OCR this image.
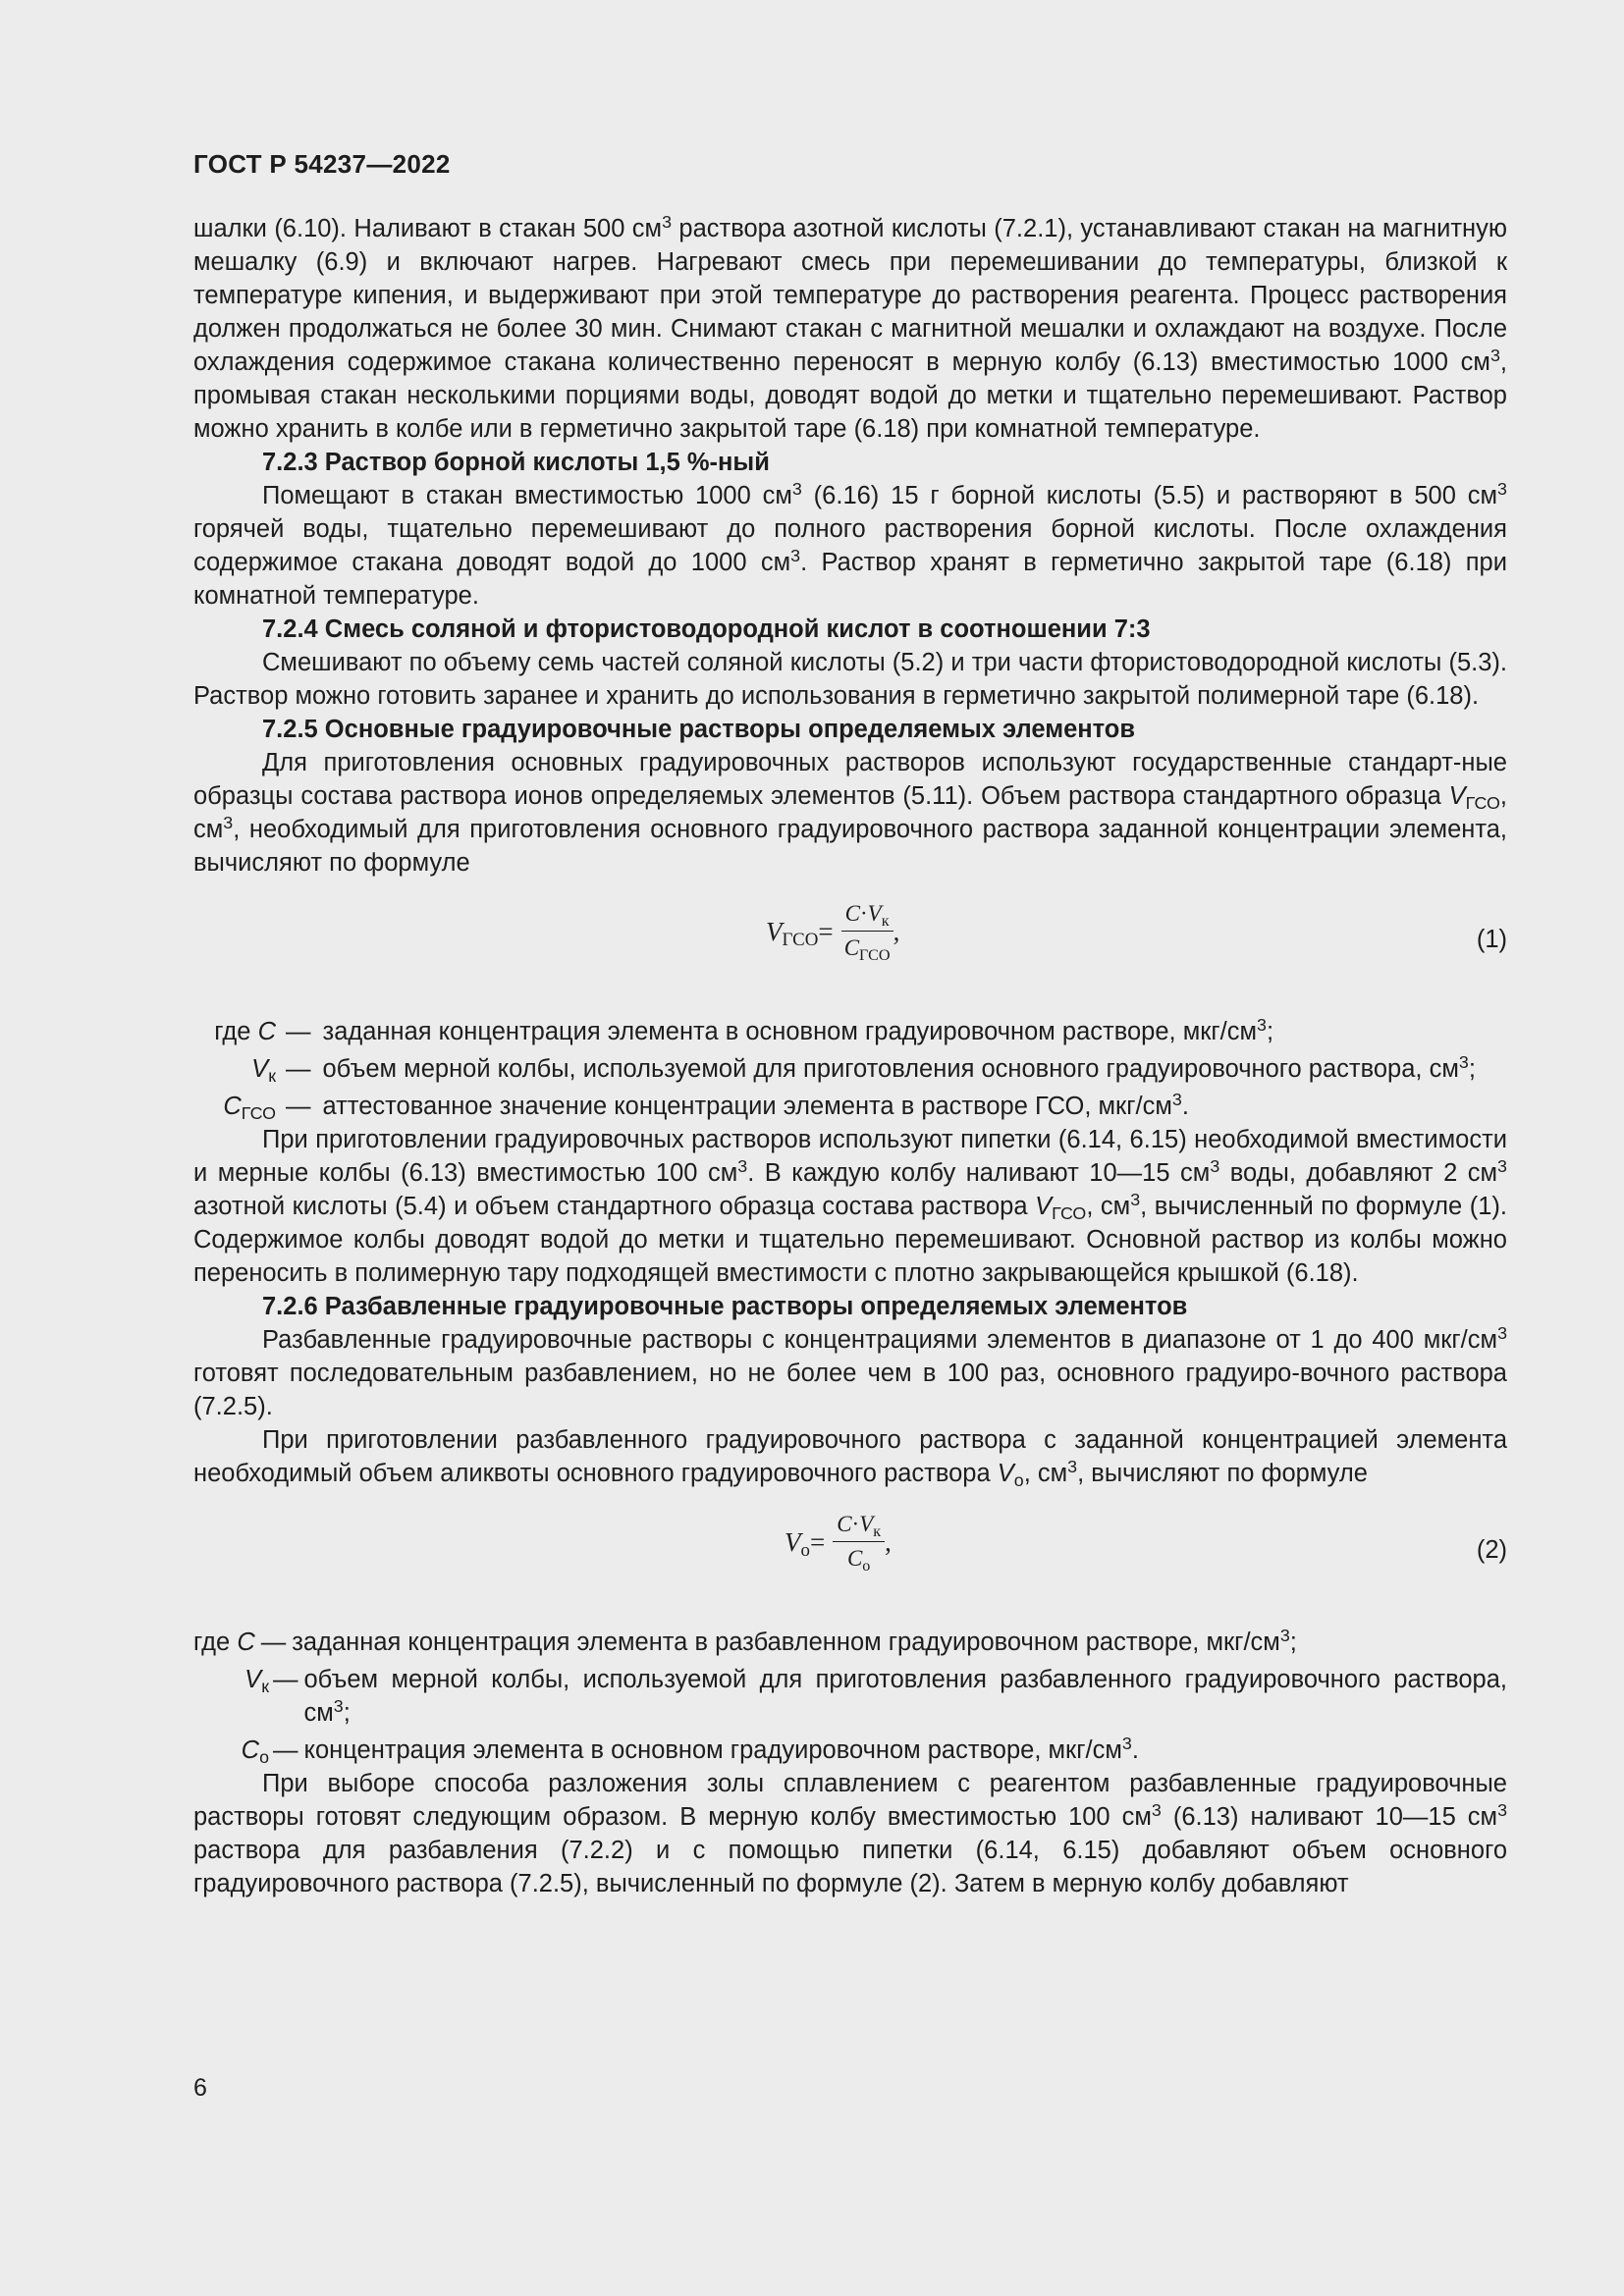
ГОСТ Р 54237—2022

шалки (6.10). Наливают в стакан 500 $см^3$ раствора азотной кислоты (7.2.1), устанавливают стакан на магнитную мешалку (6.9) и включают нагрев. Нагревают смесь при перемешивании до температуры, близкой к температуре кипения, и выдерживают при этой температуре до растворения реагента. Процесс растворения должен продолжаться не более 30 мин. Снимают стакан с магнитной мешалки и охлаждают на воздухе. После охлаждения содержимое стакана количественно переносят в мерную колбу (6.13) вместимостью 1000 $см^3$, промывая стакан несколькими порциями воды, доводят водой до метки и тщательно перемешивают. Раствор можно хранить в колбе или в герметично закрытой таре (6.18) при комнатной температуре.

7.2.3 Раствор борной кислоты 1,5 %-ный

Помещают в стакан вместимостью 1000 $см^3$ (6.16) 15 г борной кислоты (5.5) и растворяют в 500 $см^3$ горячей воды, тщательно перемешивают до полного растворения борной кислоты. После охлаждения содержимое стакана доводят водой до 1000 $см^3$. Раствор хранят в герметично закрытой таре (6.18) при комнатной температуре.

7.2.4 Смесь соляной и фтористоводородной кислот в соотношении 7:3

Смешивают по объему семь частей соляной кислоты (5.2) и три части фтористоводородной кислоты (5.3). Раствор можно готовить заранее и хранить до использования в герметично закрытой полимерной таре (6.18).

7.2.5 Основные градуировочные растворы определяемых элементов

Для приготовления основных градуировочных растворов используют государственные стандарт-ные образцы состава раствора ионов определяемых элементов (5.11). Объем раствора стандартного образца $V_{ГСО}$, $см^3$, необходимый для приготовления основного градуировочного раствора заданной концентрации элемента, вычисляют по формуле

$V_{ГСО} = \frac{C\cdot V_к}{C_{ГСО}}$ ,	(1)
где C — заданная концентрация элемента в основном градуировочном растворе, мкг/$см^3$;
$V_к$ — объем мерной колбы, используемой для приготовления основного градуировочного раствора, $см^3$;
$C_{ГСО}$ — аттестованное значение концентрации элемента в растворе ГСО, мкг/$см^3$.

При приготовлении градуировочных растворов используют пипетки (6.14, 6.15) необходимой вместимости и мерные колбы (6.13) вместимостью 100 $см^3$. В каждую колбу наливают 10—15 $см^3$ воды, добавляют 2 $см^3$ азотной кислоты (5.4) и объем стандартного образца состава раствора $V_{ГСО}$, $см^3$, вычисленный по формуле (1). Содержимое колбы доводят водой до метки и тщательно перемешивают. Основной раствор из колбы можно переносить в полимерную тару подходящей вместимости с плотно закрывающейся крышкой (6.18).

7.2.6 Разбавленные градуировочные растворы определяемых элементов

Разбавленные градуировочные растворы с концентрациями элементов в диапазоне от 1 до 400 мкг/$см^3$ готовят последовательным разбавлением, но не более чем в 100 раз, основного градуиро-вочного раствора (7.2.5).

При приготовлении разбавленного градуировочного раствора с заданной концентрацией элемента необходимый объем аликвоты основного градуировочного раствора $V_о$, $см^3$, вычисляют по формуле

$V_о = \frac{C\cdot V_к}{C_о}$ ,	(2)
где C — заданная концентрация элемента в разбавленном градуировочном растворе, мкг/$см^3$;
$V_к$ — объем мерной колбы, используемой для приготовления разбавленного градуировочного раствора, $см^3$;
$C_о$ — концентрация элемента в основном градуировочном растворе, мкг/$см^3$.

При выборе способа разложения золы сплавлением с реагентом разбавленные градуировочные растворы готовят следующим образом. В мерную колбу вместимостью 100 $см^3$ (6.13) наливают 10—15 $см^3$ раствора для разбавления (7.2.2) и с помощью пипетки (6.14, 6.15) добавляют объем основного градуировочного раствора (7.2.5), вычисленный по формуле (2). Затем в мерную колбу добавляют

6
